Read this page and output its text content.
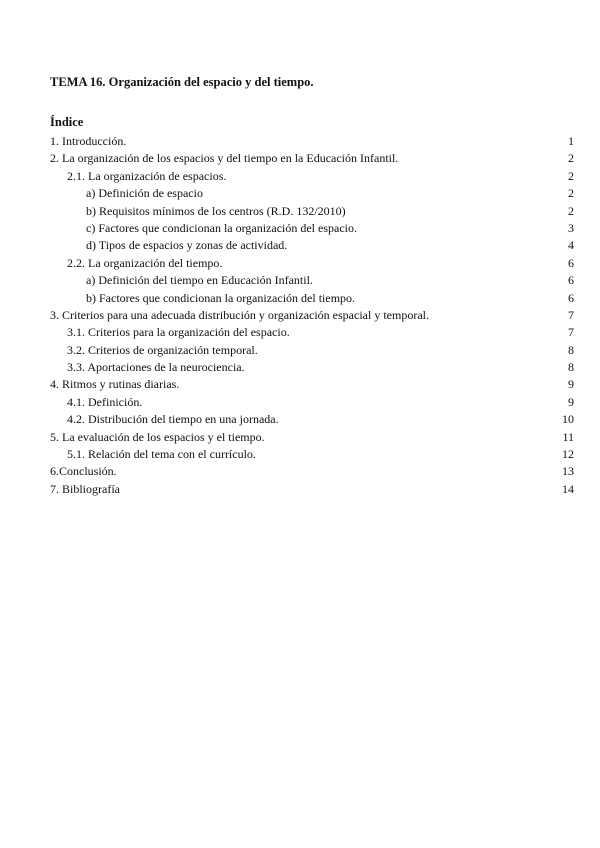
TEMA 16. Organización del espacio y del tiempo.
Índice
1. Introducción.	1
2. La organización de los espacios y del tiempo en la Educación Infantil.	2
2.1. La organización de espacios.	2
a) Definición de espacio	2
b) Requisitos mínimos de los centros (R.D. 132/2010)	2
c) Factores que condicionan la organización del espacio.	3
d) Tipos de espacios y zonas de actividad.	4
2.2. La organización del tiempo.	6
a) Definición del tiempo en Educación Infantil.	6
b) Factores que condicionan la organización del tiempo.	6
3. Criterios para una adecuada distribución y organización espacial y temporal.	7
3.1. Criterios para la organización del espacio.	7
3.2. Criterios de organización temporal.	8
3.3. Aportaciones de la neurociencia.	8
4. Ritmos y rutinas diarias.	9
4.1. Definición.	9
4.2. Distribución del tiempo en una jornada.	10
5. La evaluación de los espacios y el tiempo.	11
5.1. Relación del tema con el currículo.	12
6.Conclusión.	13
7. Bibliografía	14
